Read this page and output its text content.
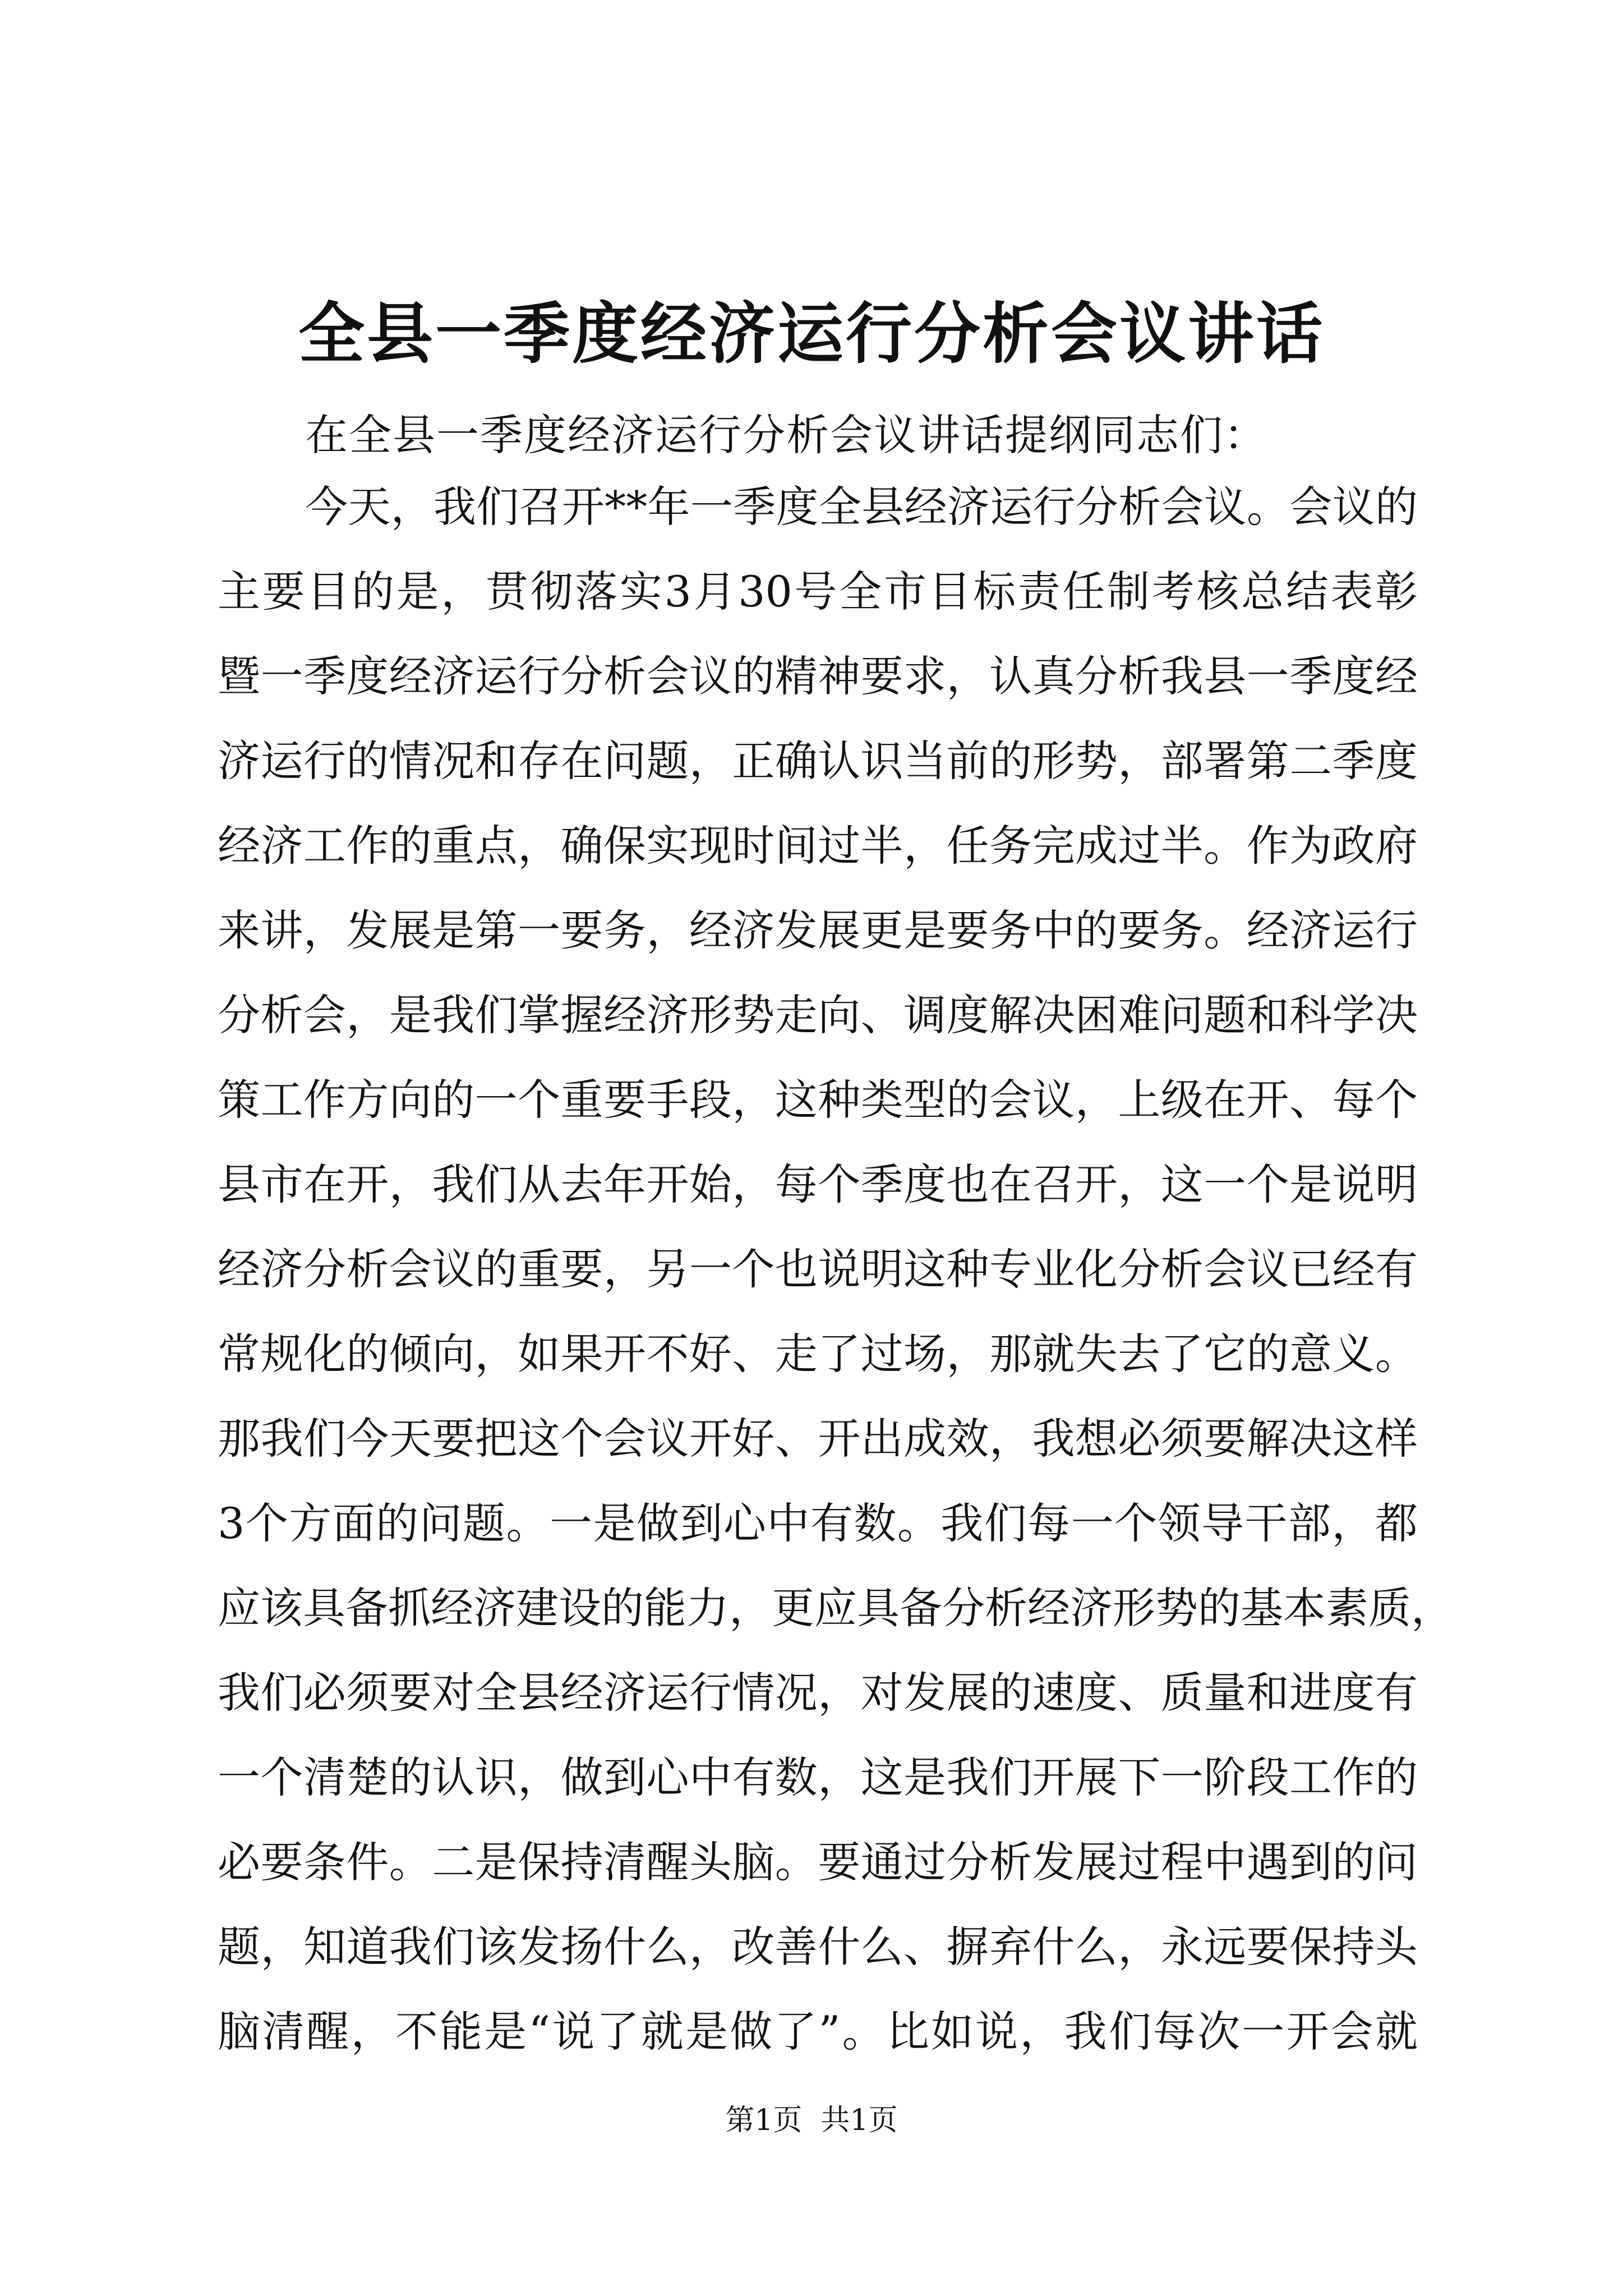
全县一季度经济运行分析会议讲话
在全县一季度经济运行分析会议讲话提纲同志们：
今天，我们召开**年一季度全县经济运行分析会议。会议的
主要目的是，贯彻落实3月30号全市目标责任制考核总结表彰
暨一季度经济运行分析会议的精神要求，认真分析我县一季度经
济运行的情况和存在问题，正确认识当前的形势，部署第二季度
经济工作的重点，确保实现时间过半，任务完成过半。作为政府
来讲，发展是第一要务，经济发展更是要务中的要务。经济运行
分析会，是我们掌握经济形势走向、调度解决困难问题和科学决
策工作方向的一个重要手段，这种类型的会议，上级在开、每个
县市在开，我们从去年开始，每个季度也在召开，这一个是说明
经济分析会议的重要，另一个也说明这种专业化分析会议已经有
常规化的倾向，如果开不好、走了过场，那就失去了它的意义。
那我们今天要把这个会议开好、开出成效，我想必须要解决这样
3个方面的问题。一是做到心中有数。我们每一个领导干部，都
应该具备抓经济建设的能力，更应具备分析经济形势的基本素质，
我们必须要对全县经济运行情况，对发展的速度、质量和进度有
一个清楚的认识，做到心中有数，这是我们开展下一阶段工作的
必要条件。二是保持清醒头脑。要通过分析发展过程中遇到的问
题，知道我们该发扬什么，改善什么、摒弃什么，永远要保持头
脑清醒，不能是“说了就是做了”。比如说，我们每次一开会就
第1页  共1页
